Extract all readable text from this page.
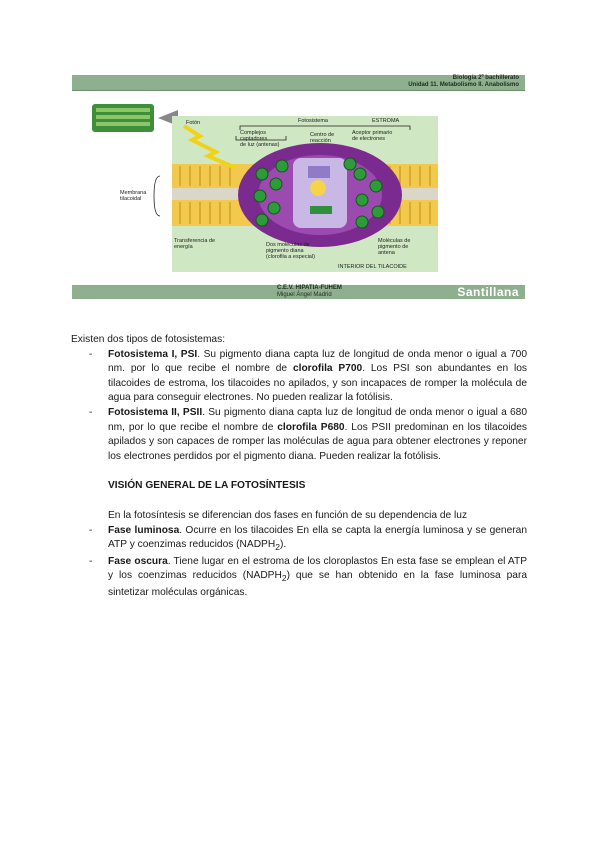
Biología 2º bachillerato
Unidad 11. Metabolismo II. Anabolismo
Fotón	Fotosistema	ESTROMA
Complejos
captadores
de luz (antenas)
Centro de
reacción
Aceptor primario
de electrones
Membrana
tilacoidal
Transferencia de
energía	Dos moléculas de
pigmento diana
(clorofila a especial)
Moléculas de
pigmento de
antena
INTERIOR DEL TILACOIDE
C.E.V. HIPATIA-FUHEM
Miguel Ángel Madrid	Santillana

Existen dos tipos de fotosistemas:

- Fotosistema I, PSI. Su pigmento diana capta luz de longitud de onda menor o igual a 700 nm. por lo que recibe el nombre de clorofila P700. Los PSI son abundantes en los tilacoides de estroma, los tilacoides no apilados, y son incapaces de romper la molécula de agua para conseguir electrones. No pueden realizar la fotólisis.

- Fotosistema II, PSII. Su pigmento diana capta luz de longitud de onda menor o igual a 680 nm, por lo que recibe el nombre de clorofila P680. Los PSII predominan en los tilacoides apilados y son capaces de romper las moléculas de agua para obtener electrones y reponer los electrones perdidos por el pigmento diana. Pueden realizar la fotólisis.

VISIÓN GENERAL DE LA FOTOSÍNTESIS

En la fotosíntesis se diferencian dos fases en función de su dependencia de luz

- Fase luminosa. Ocurre en los tilacoides En ella se capta la energía luminosa y se generan ATP y coenzimas reducidos $(NADPH_2)$.

- Fase oscura. Tiene lugar en el estroma de los cloroplastos En esta fase se emplean el ATP y los coenzimas reducidos $(NADPH_2)$ que se han obtenido en la fase luminosa para sintetizar moléculas orgánicas.
